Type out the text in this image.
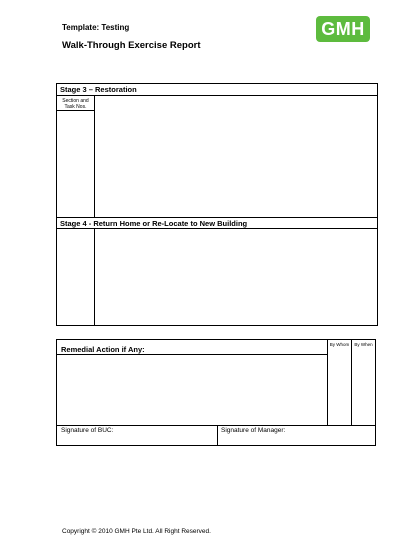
Template: Testing
Walk-Through Exercise Report
GMH
Stage 3 – Restoration
Section and Task Nos.
Stage 4 - Return Home or Re-Locate to New Building
Remedial Action if Any:
By Whom	By When
Signature of BUC:	Signature of Manager:
Copyright © 2010 GMH Pte Ltd. All Right Reserved.
